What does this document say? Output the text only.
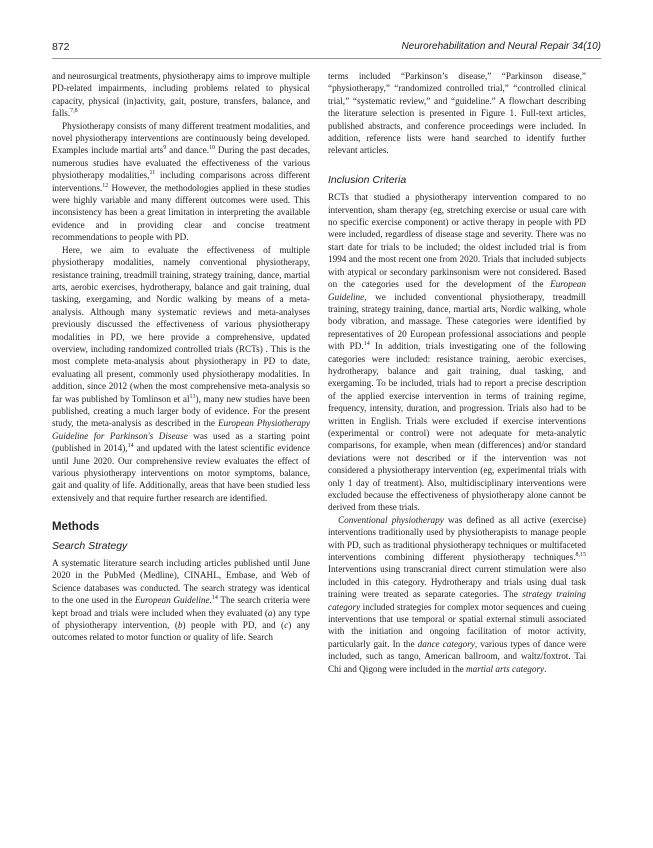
872	Neurorehabilitation and Neural Repair 34(10)

and neurosurgical treatments, physiotherapy aims to improve multiple PD-related impairments, including problems related to physical capacity, physical (in)activity, gait, posture, transfers, balance, and falls.$^{7,8}$

Physiotherapy consists of many different treatment modalities, and novel physiotherapy interventions are continuously being developed. Examples include martial arts$^9$ and dance.$^{10}$ During the past decades, numerous studies have evaluated the effectiveness of the various physiotherapy modalities,$^{11}$ including comparisons across different interventions.$^{12}$ However, the methodologies applied in these studies were highly variable and many different outcomes were used. This inconsistency has been a great limitation in interpreting the available evidence and in providing clear and concise treatment recommendations to people with PD.

Here, we aim to evaluate the effectiveness of multiple physiotherapy modalities, namely conventional physiotherapy, resistance training, treadmill training, strategy training, dance, martial arts, aerobic exercises, hydrotherapy, balance and gait training, dual tasking, exergaming, and Nordic walking by means of a meta-analysis. Although many systematic reviews and meta-analyses previously discussed the effectiveness of various physiotherapy modalities in PD, we here provide a comprehensive, updated overview, including randomized controlled trials (RCTs) . This is the most complete meta-analysis about physiotherapy in PD to date, evaluating all present, commonly used physiotherapy modalities. In addition, since 2012 (when the most comprehensive meta-analysis so far was published by Tomlinson et $al^{13}$), many new studies have been published, creating a much larger body of evidence. For the present study, the meta-analysis as described in the European Physiotherapy Guideline for Parkinson's Disease was used as a starting point (published in 2014),$^{14}$ and updated with the latest scientific evidence until June 2020. Our comprehensive review evaluates the effect of various physiotherapy interventions on motor symptoms, balance, gait and quality of life. Additionally, areas that have been studied less extensively and that require further research are identified.

Methods
Search Strategy

A systematic literature search including articles published until June 2020 in the PubMed (Medline), CINAHL, Embase, and Web of Science databases was conducted. The search strategy was identical to the one used in the European Guideline.$^{14}$ The search criteria were kept broad and trials were included when they evaluated (a) any type of physiotherapy intervention, (b) people with PD, and (c) any outcomes related to motor function or quality of life. Search

terms included “Parkinson’s disease,” “Parkinson disease,” “physiotherapy,” “randomized controlled trial,” “controlled clinical trial,” “systematic review,” and “guideline.” A flowchart describing the literature selection is presented in Figure 1. Full-text articles, published abstracts, and conference proceedings were included. In addition, reference lists were hand searched to identify further relevant articles.

Inclusion Criteria

RCTs that studied a physiotherapy intervention compared to no intervention, sham therapy (eg, stretching exercise or usual care with no specific exercise component) or active therapy in people with PD were included, regardless of disease stage and severity. There was no start date for trials to be included; the oldest included trial is from 1994 and the most recent one from 2020. Trials that included subjects with atypical or secondary parkinsonism were not considered. Based on the categories used for the development of the European Guideline, we included conventional physiotherapy, treadmill training, strategy training, dance, martial arts, Nordic walking, whole body vibration, and massage. These categories were identified by representatives of 20 European professional associations and people with PD.$^{14}$ In addition, trials investigating one of the following categories were included: resistance training, aerobic exercises, hydrotherapy, balance and gait training, dual tasking, and exergaming. To be included, trials had to report a precise description of the applied exercise intervention in terms of training regime, frequency, intensity, duration, and progression. Trials also had to be written in English. Trials were excluded if exercise interventions (experimental or control) were not adequate for meta-analytic comparisons, for example, when mean (differences) and/or standard deviations were not described or if the intervention was not considered a physiotherapy intervention (eg, experimental trials with only 1 day of treatment). Also, multidisciplinary interventions were excluded because the effectiveness of physiotherapy alone cannot be derived from these trials.

Conventional physiotherapy was defined as all active (exercise) interventions traditionally used by physiotherapists to manage people with PD, such as traditional physiotherapy techniques or multifaceted interventions combining different physiotherapy techniques.$^{8,15}$ Interventions using transcranial direct current stimulation were also included in this category. Hydrotherapy and trials using dual task training were treated as separate categories. The strategy training category included strategies for complex motor sequences and cueing interventions that use temporal or spatial external stimuli associated with the initiation and ongoing facilitation of motor activity, particularly gait. In the dance category, various types of dance were included, such as tango, American ballroom, and waltz/foxtrot. Tai Chi and Qigong were included in the martial arts category.
